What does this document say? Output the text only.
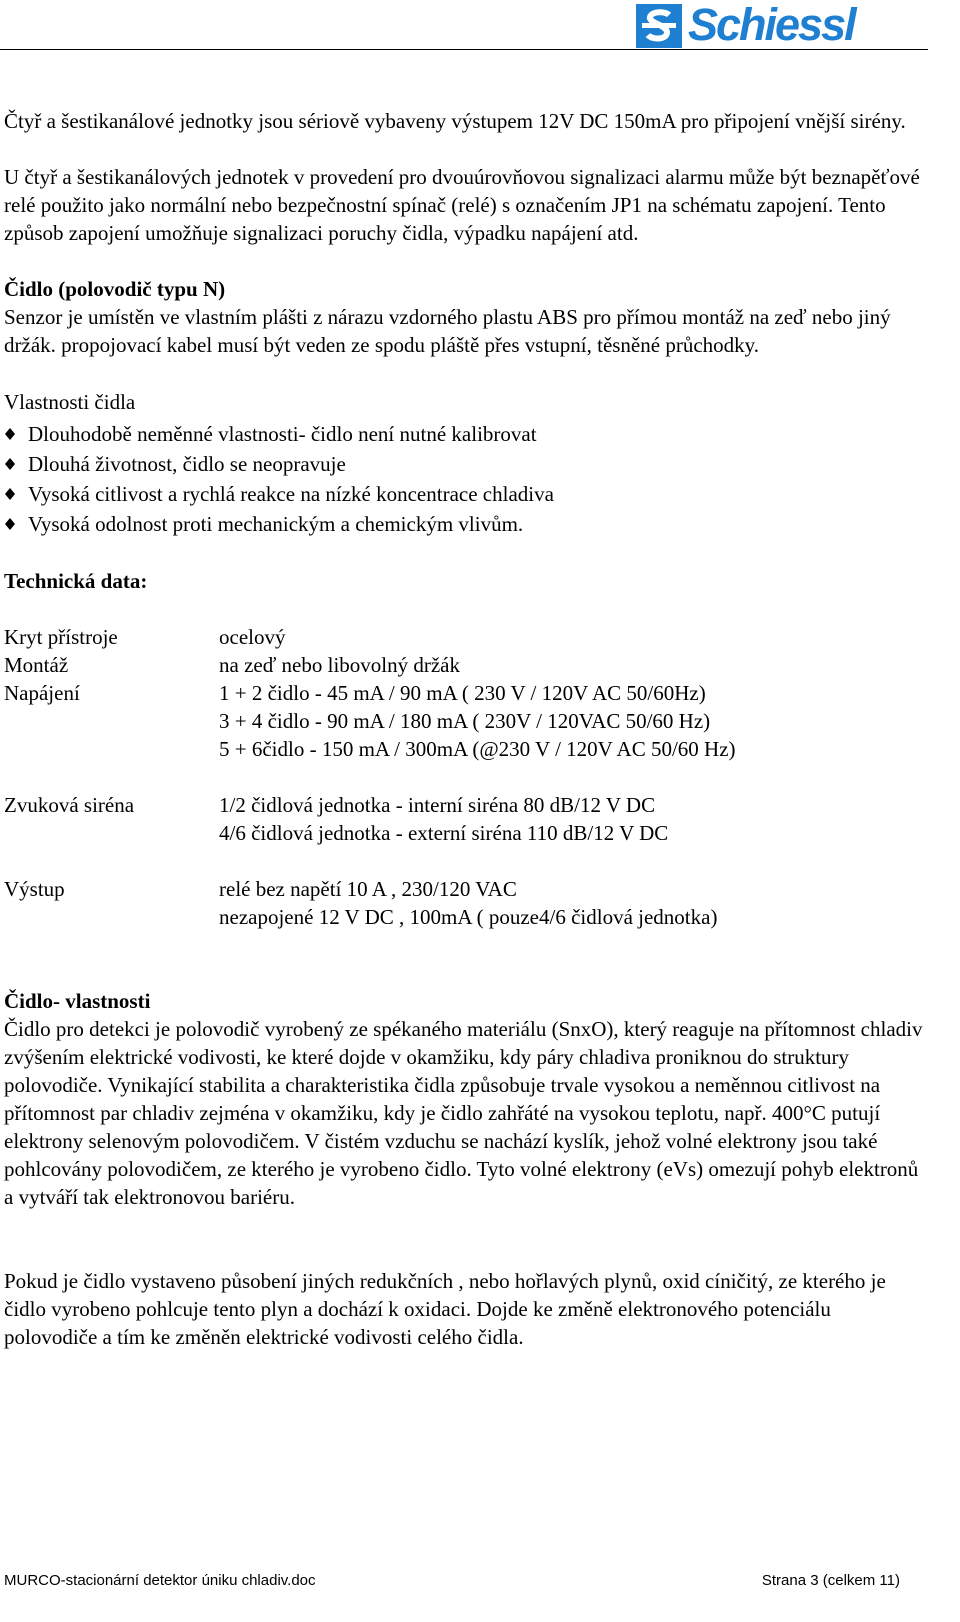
Schiessl

Čtyř a šestikanálové jednotky jsou sériově vybaveny výstupem 12V DC 150mA pro připojení vnější sirény.

U čtyř a šestikanálových jednotek v provedení pro dvouúrovňovou signalizaci alarmu může být beznapěťové relé použito jako normální nebo bezpečnostní spínač (relé) s označením JP1 na schématu zapojení. Tento způsob zapojení umožňuje signalizaci poruchy čidla, výpadku napájení atd.

Čidlo (polovodič typu N)

Senzor je umístěn ve vlastním plášti z nárazu vzdorného plastu ABS pro přímou montáž na zeď nebo jiný držák. propojovací kabel musí být veden ze spodu pláště přes vstupní, těsněné průchodky.

Vlastnosti čidla

Dlouhodobě neměnné vlastnosti- čidlo není nutné kalibrovat
Dlouhá životnost, čidlo se neopravuje
Vysoká citlivost a rychlá reakce na nízké koncentrace chladiva
Vysoká odolnost proti mechanickým a chemickým vlivům.

Technická data:

Kryt přístroje	ocelový
Montáž	na zeď nebo libovolný držák
Napájení	1 + 2 čidlo - 45 mA / 90 mA ( 230 V / 120V AC 50/60Hz)
3 + 4 čidlo - 90 mA / 180 mA ( 230V / 120VAC 50/60 Hz)
5 + 6čidlo - 150 mA / 300mA (@230 V / 120V AC 50/60 Hz)
Zvuková siréna	1/2 čidlová jednotka - interní siréna 80 dB/12 V DC
4/6 čidlová jednotka - externí siréna 110 dB/12 V DC
Výstup	relé bez napětí 10 A , 230/120 VAC
nezapojené 12 V DC , 100mA ( pouze4/6 čidlová jednotka)

Čidlo- vlastnosti

Čidlo pro detekci je polovodič vyrobený ze spékaného materiálu (SnxO), který reaguje na přítomnost chladiv zvýšením elektrické vodivosti, ke které dojde v okamžiku, kdy páry chladiva proniknou do struktury polovodiče. Vynikající stabilita a charakteristika čidla způsobuje trvale vysokou a neměnnou citlivost na přítomnost par chladiv zejména v okamžiku, kdy je čidlo zahřáté na vysokou teplotu, např. 400°C putují elektrony selenovým polovodičem. V čistém vzduchu se nachází kyslík, jehož volné elektrony jsou také pohlcovány polovodičem, ze kterého je vyrobeno čidlo. Tyto volné elektrony (eVs) omezují pohyb elektronů a vytváří tak elektronovou bariéru.

Pokud je čidlo vystaveno působení jiných redukčních , nebo hořlavých plynů, oxid cíničitý, ze kterého je čidlo vyrobeno pohlcuje tento plyn a dochází k oxidaci. Dojde ke změně elektronového potenciálu polovodiče a tím ke změněn elektrické vodivosti celého čidla.

MURCO-stacionární detektor úniku chladiv.doc	Strana 3 (celkem 11)
